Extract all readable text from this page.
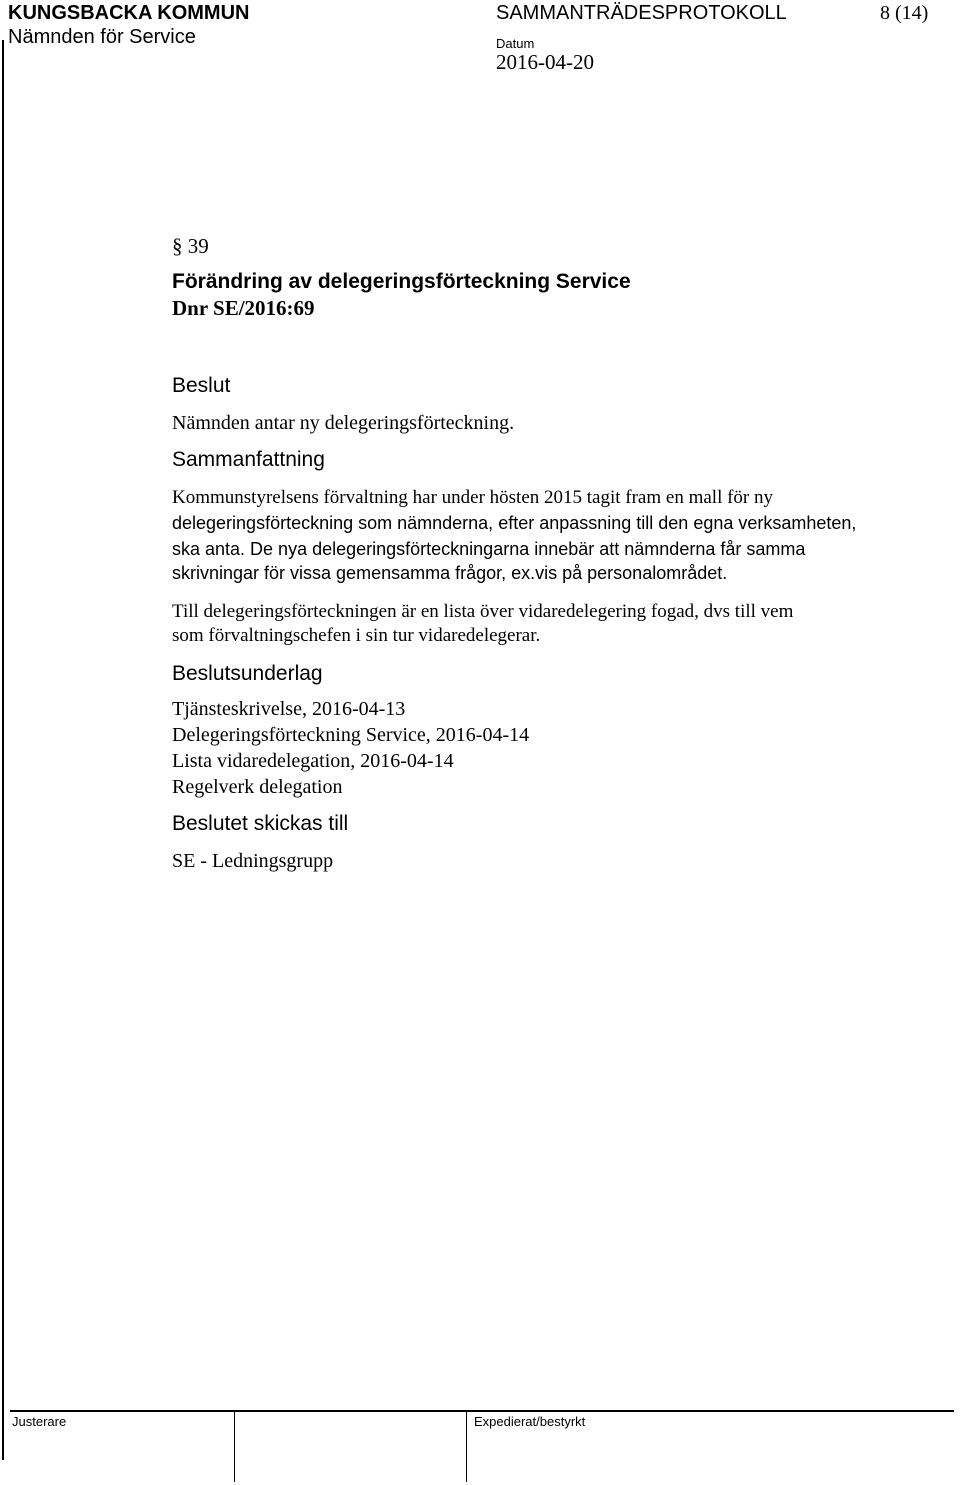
KUNGSBACKA KOMMUN
Nämnden för Service
SAMMANTRÄDESPROTOKOLL	8 (14)
Datum
2016-04-20
§ 39
Förändring av delegeringsförteckning Service
Dnr SE/2016:69
Beslut
Nämnden antar ny delegeringsförteckning.
Sammanfattning
Kommunstyrelsens förvaltning har under hösten 2015 tagit fram en mall för ny
delegeringsförteckning som nämnderna, efter anpassning till den egna verksamheten,
ska anta. De nya delegeringsförteckningarna innebär att nämnderna får samma
skrivningar för vissa gemensamma frågor, ex.vis på personalområdet.
Till delegeringsförteckningen är en lista över vidaredelegering fogad, dvs till vem
som förvaltningschefen i sin tur vidaredelegerar.
Beslutsunderlag
Tjänsteskrivelse, 2016-04-13
Delegeringsförteckning Service, 2016-04-14
Lista vidaredelegation, 2016-04-14
Regelverk delegation
Beslutet skickas till
SE - Ledningsgrupp
Justerare	Expedierat/bestyrkt
